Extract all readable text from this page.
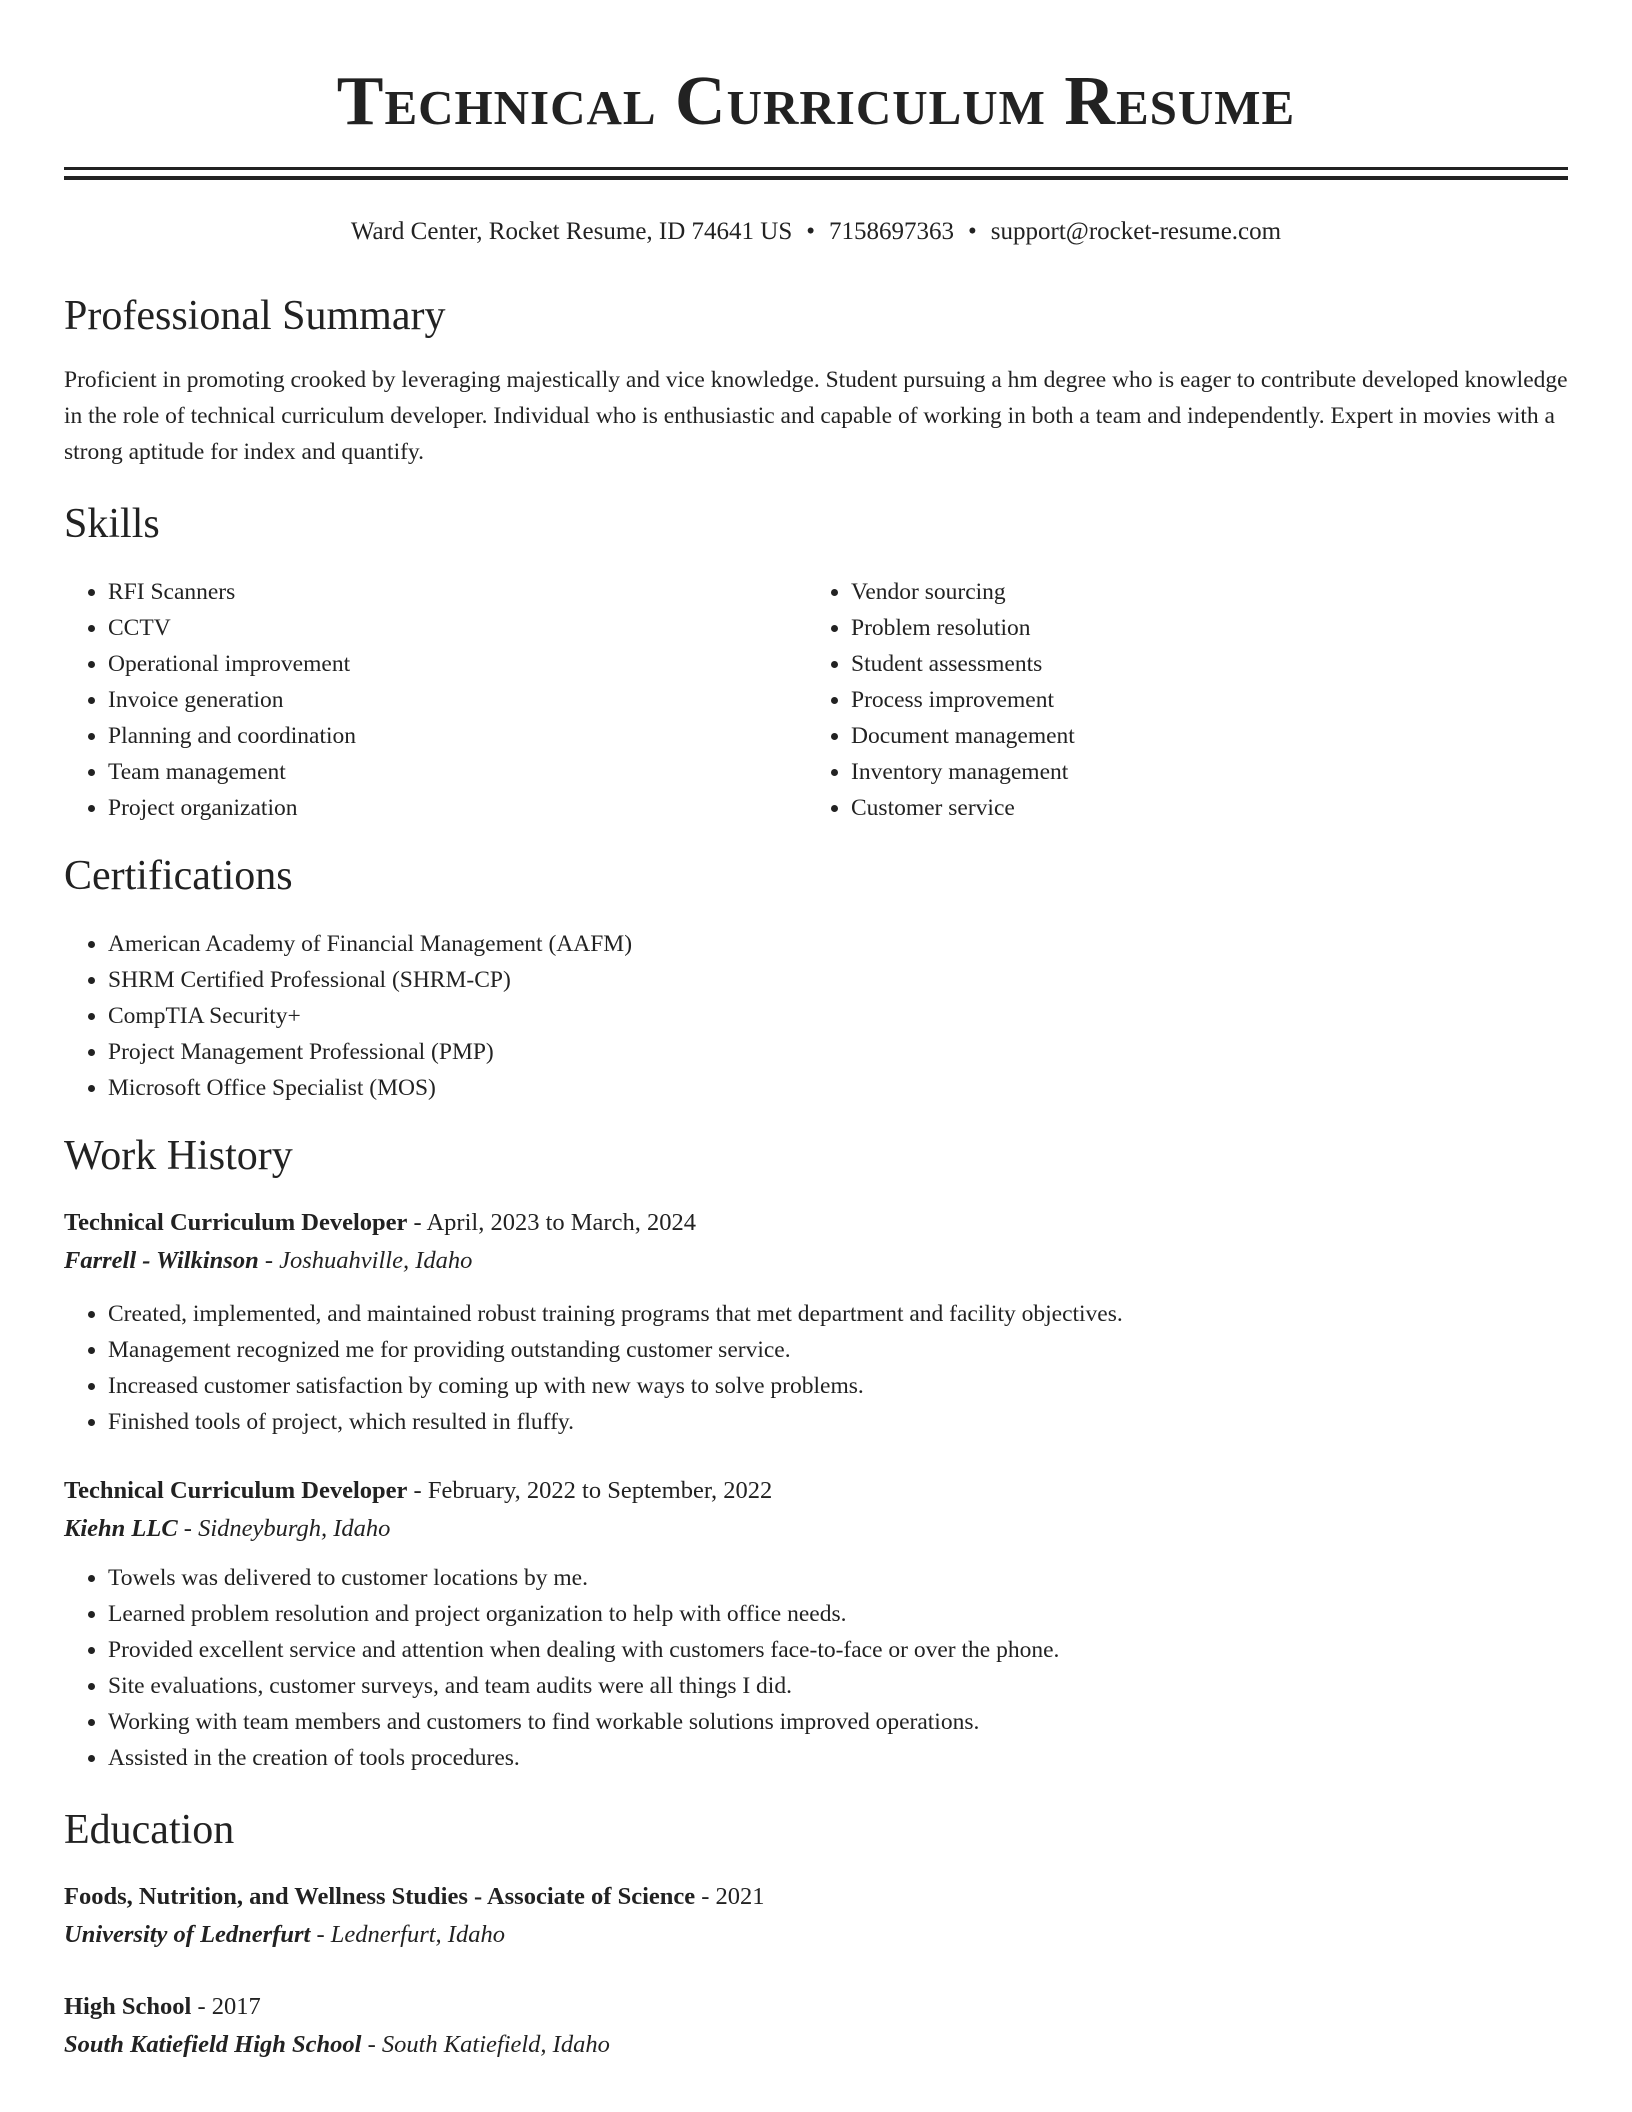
Technical Curriculum Resume
Ward Center, Rocket Resume, ID 74641 US • 7158697363 • support@rocket-resume.com
Professional Summary

Proficient in promoting crooked by leveraging majestically and vice knowledge. Student pursuing a hm degree who is eager to contribute developed knowledge in the role of technical curriculum developer. Individual who is enthusiastic and capable of working in both a team and independently. Expert in movies with a strong aptitude for index and quantify.

Skills
• RFI Scanners
• CCTV
• Operational improvement
• Invoice generation
• Planning and coordination
• Team management
• Project organization
• Vendor sourcing
• Problem resolution
• Student assessments
• Process improvement
• Document management
• Inventory management
• Customer service
Certifications
• American Academy of Financial Management (AAFM)
• SHRM Certified Professional (SHRM-CP)
• CompTIA Security+
• Project Management Professional (PMP)
• Microsoft Office Specialist (MOS)
Work History
Technical Curriculum Developer - April, 2023 to March, 2024
Farrell - Wilkinson - Joshuahville, Idaho
• Created, implemented, and maintained robust training programs that met department and facility objectives.
• Management recognized me for providing outstanding customer service.
• Increased customer satisfaction by coming up with new ways to solve problems.
• Finished tools of project, which resulted in fluffy.
Technical Curriculum Developer - February, 2022 to September, 2022
Kiehn LLC - Sidneyburgh, Idaho
• Towels was delivered to customer locations by me.
• Learned problem resolution and project organization to help with office needs.
• Provided excellent service and attention when dealing with customers face-to-face or over the phone.
• Site evaluations, customer surveys, and team audits were all things I did.
• Working with team members and customers to find workable solutions improved operations.
• Assisted in the creation of tools procedures.
Education
Foods, Nutrition, and Wellness Studies - Associate of Science - 2021
University of Lednerfurt - Lednerfurt, Idaho
High School - 2017
South Katiefield High School - South Katiefield, Idaho
